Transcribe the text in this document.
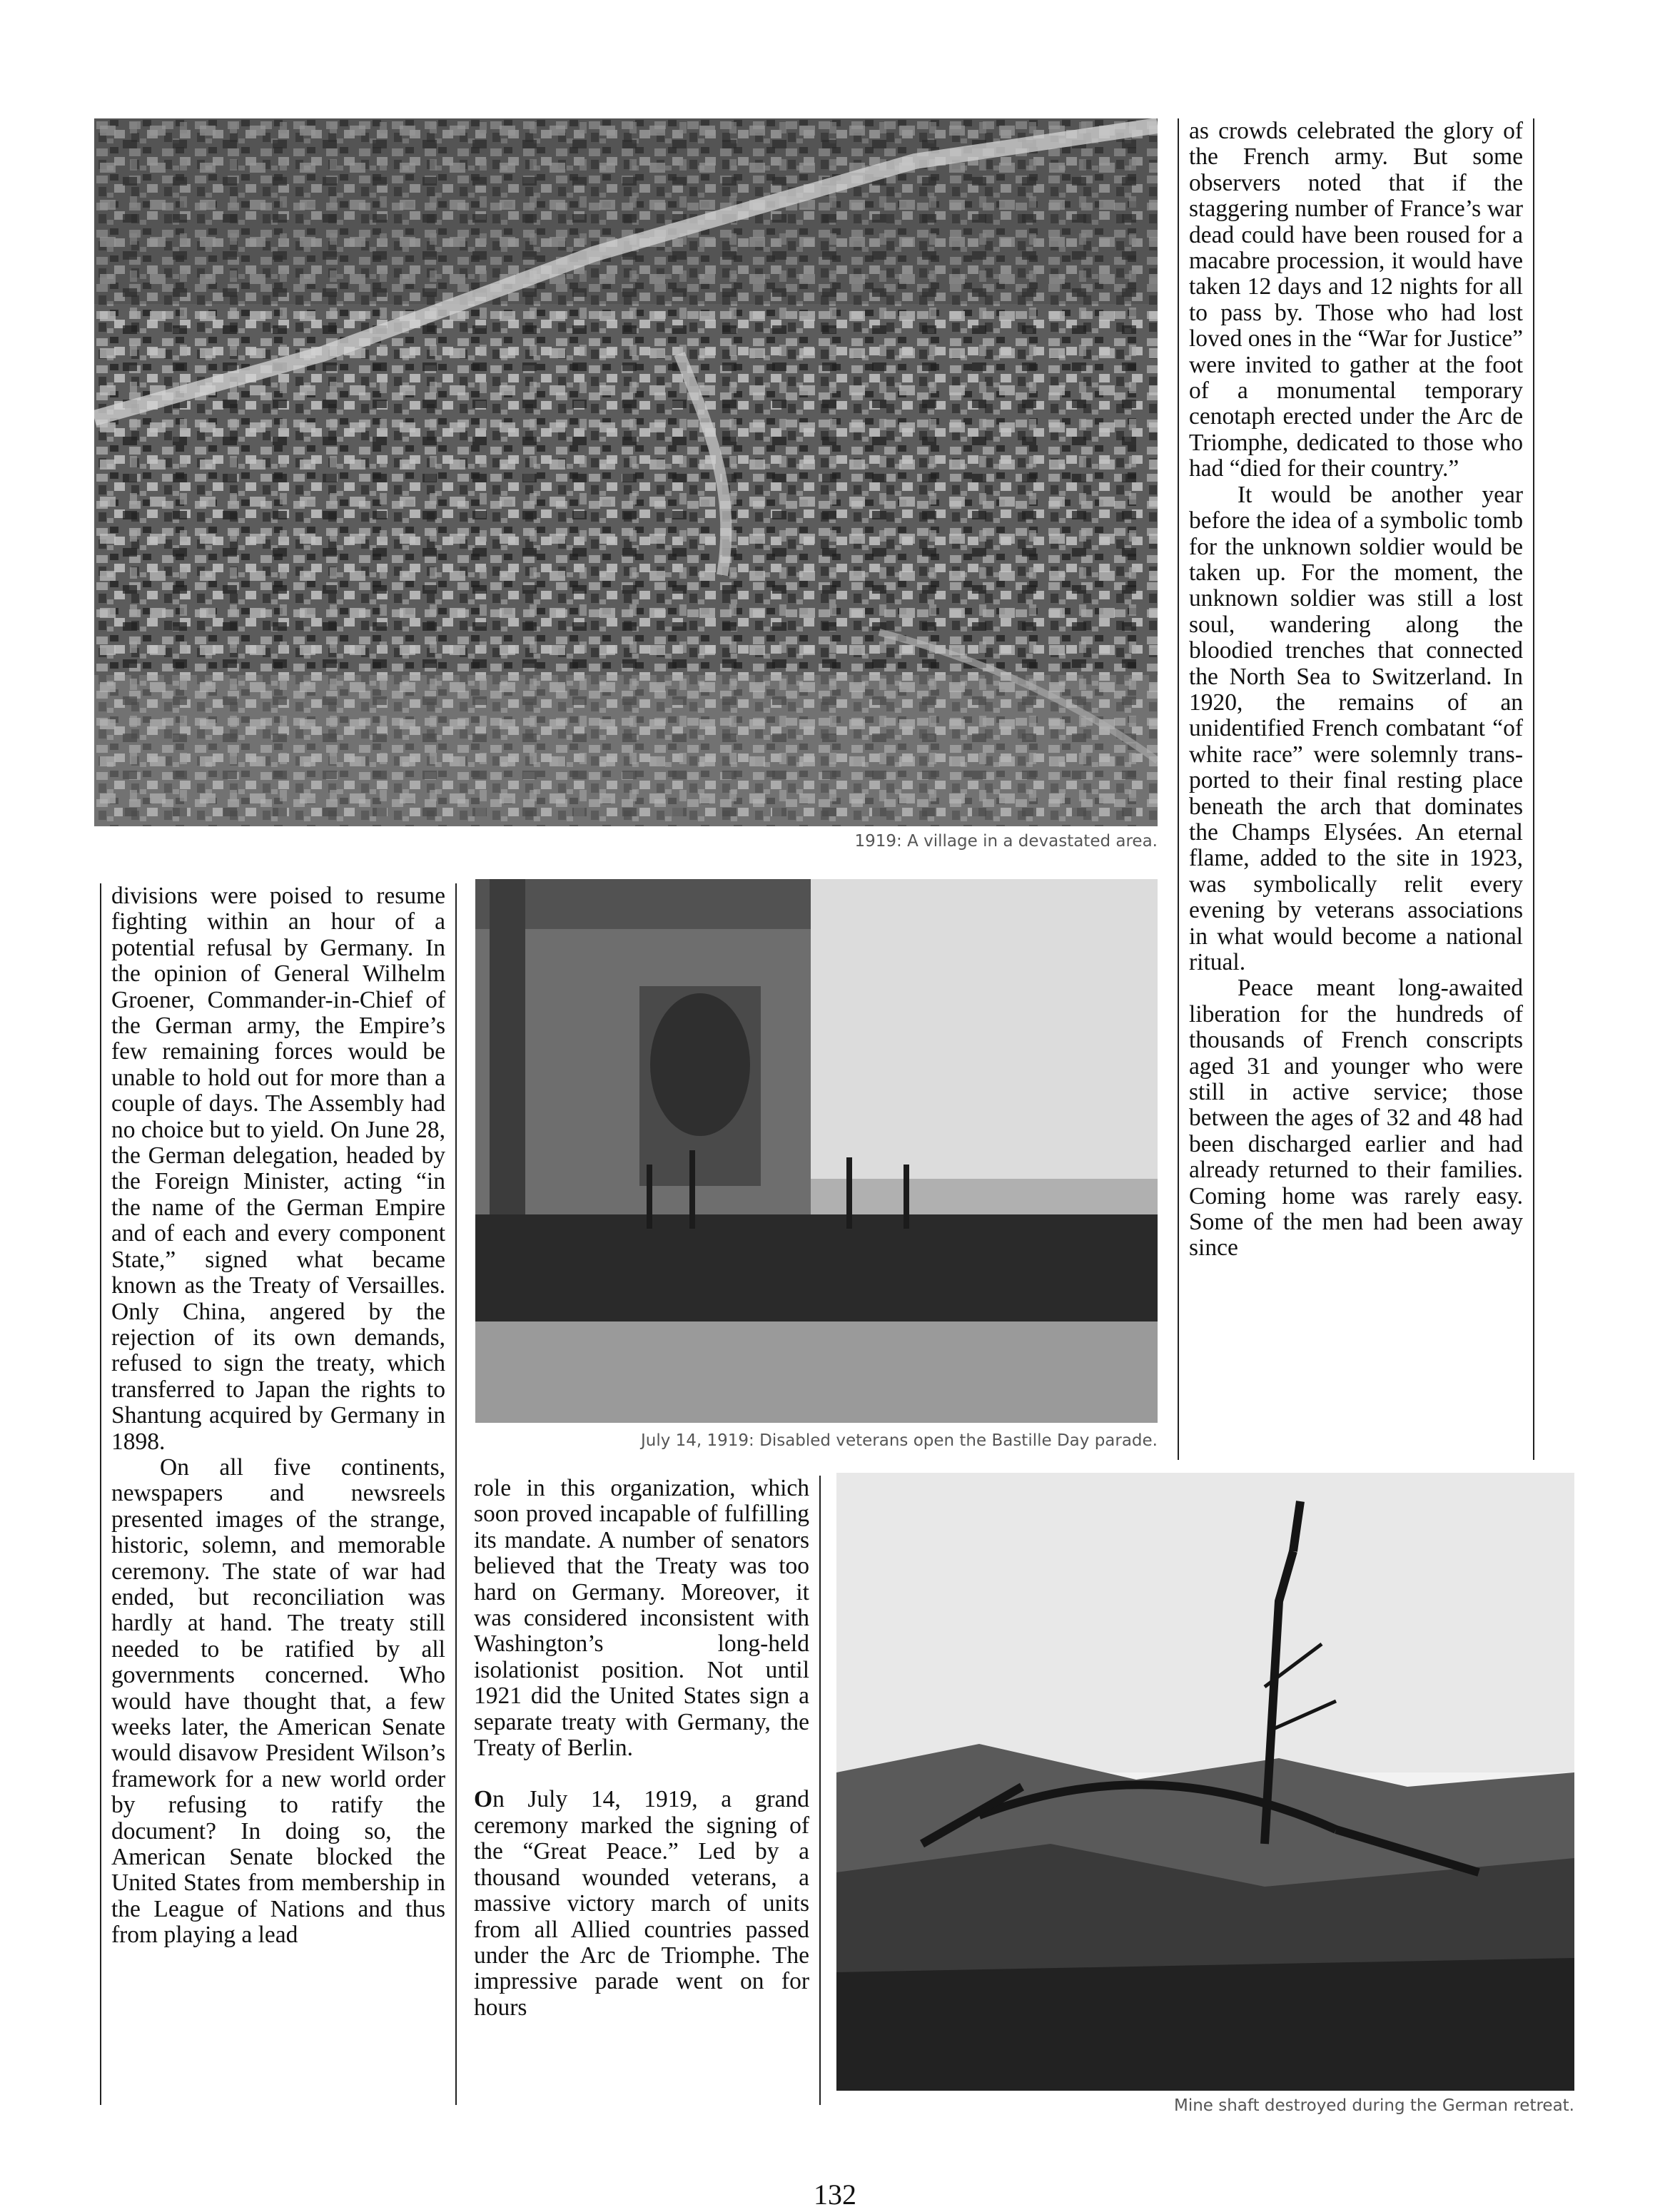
1919: A village in a devastated area.
July 14, 1919: Disabled veterans open the Bastille Day parade.
Mine shaft destroyed during the German retreat.

as crowds celebrated the glory of the French army. But some observers noted that if the staggering number of France’s war dead could have been roused for a macabre procession, it would have taken 12 days and 12 nights for all to pass by. Those who had lost loved ones in the “War for Justice” were invited to gather at the foot of a monumental temporary cenotaph erected under the Arc de Triomphe, dedicated to those who had “died for their country.”

It would be another year before the idea of a symbolic tomb for the unknown soldier would be taken up. For the moment, the unknown soldier was still a lost soul, wandering along the bloodied trenches that connected the North Sea to Switzerland. In 1920, the remains of an unidentified French combatant “of white race” were solemnly transported to their final resting place beneath the arch that dominates the Champs Elysées. An eternal flame, added to the site in 1923, was symbolically relit every evening by veterans associations in what would become a national ritual.

Peace meant long-awaited liberation for the hundreds of thousands of French conscripts aged 31 and younger who were still in active service; those between the ages of 32 and 48 had been discharged earlier and had already returned to their families. Coming home was rarely easy. Some of the men had been away since

divisions were poised to resume fighting within an hour of a potential refusal by Germany. In the opinion of General Wilhelm Groener, Commander-in-Chief of the German army, the Empire’s few remaining forces would be unable to hold out for more than a couple of days. The Assembly had no choice but to yield. On June 28, the German delegation, headed by the Foreign Minister, acting “in the name of the German Empire and of each and every component State,” signed what became known as the Treaty of Versailles. Only China, angered by the rejection of its own demands, refused to sign the treaty, which transferred to Japan the rights to Shantung acquired by Germany in 1898.

On all five continents, newspapers and newsreels presented images of the strange, historic, solemn, and memorable ceremony. The state of war had ended, but reconciliation was hardly at hand. The treaty still needed to be ratified by all governments concerned. Who would have thought that, a few weeks later, the American Senate would disavow President Wilson’s framework for a new world order by refusing to ratify the document? In doing so, the American Senate blocked the United States from membership in the League of Nations and thus from playing a lead

role in this organization, which soon proved incapable of fulfilling its mandate. A number of senators believed that the Treaty was too hard on Germany. Moreover, it was considered inconsistent with Washington’s long-held isolationist position. Not until 1921 did the United States sign a separate treaty with Germany, the Treaty of Berlin.

On July 14, 1919, a grand ceremony marked the signing of the “Great Peace.” Led by a thousand wounded veterans, a massive victory march of units from all Allied countries passed under the Arc de Triomphe. The impressive parade went on for hours

132
